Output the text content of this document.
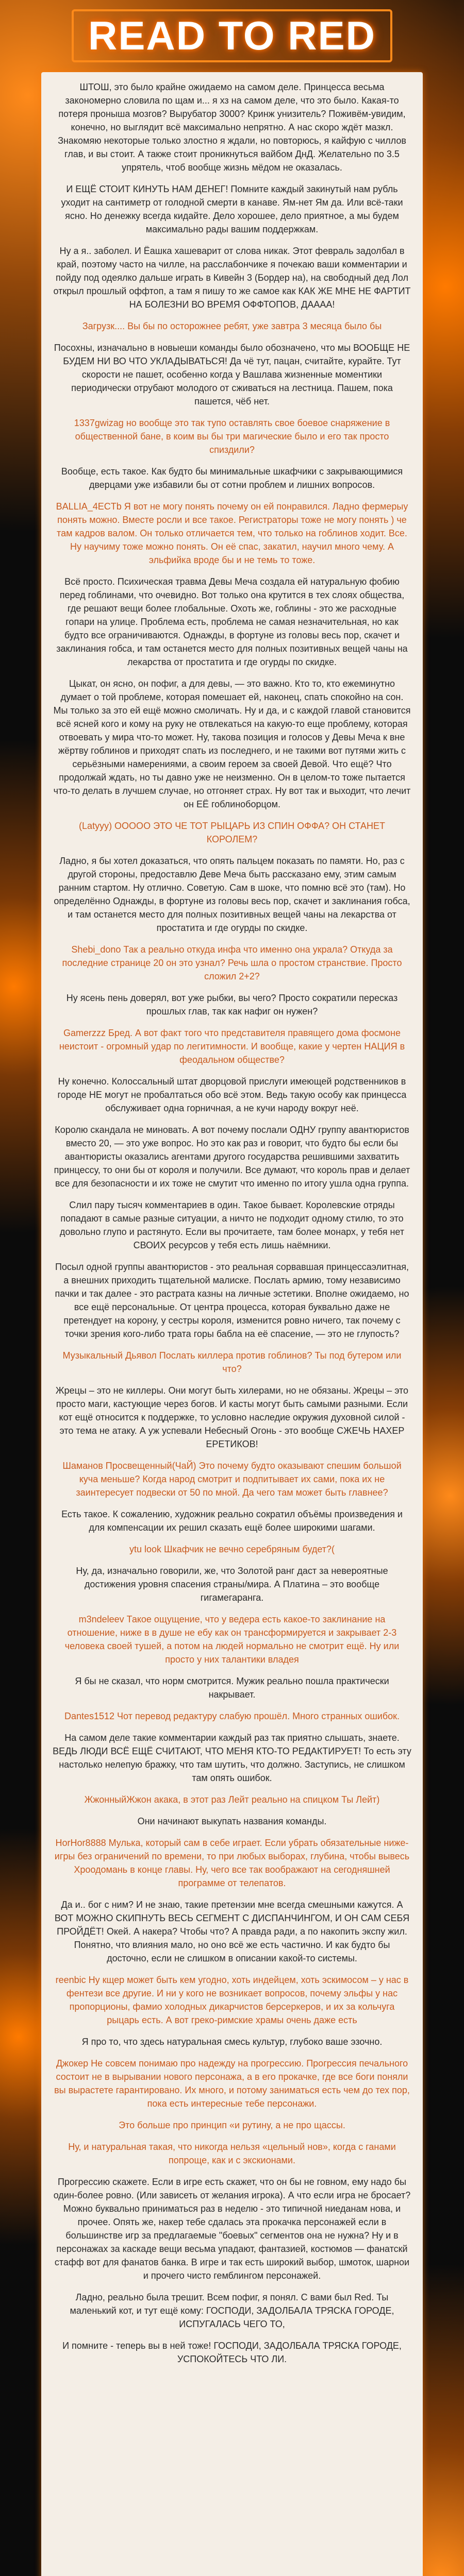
READ TO RED
ШТОШ, это было крайне ожидаемо на самом деле. Принцесса весьма закономерно словила по щам и... я хз на самом деле, что это было. Какая-то потеря проныша мозгов? Вырубатор 3000? Кринж унизитель? Поживём-увидим, конечно, но выглядит всё максимально непрятно. А нас скоро ждёт мазкл. Знакомяю некоторые только злостно я ждали, но повторюсь, я кайфую с чиллов глав, и вы стоит. А также стоит проникнуться вайбом ДнД. Желательно по 3.5 упрятель, чтоб вообще жизнь мёдом не оказалась.
И ЕЩЁ СТОИТ КИНУТЬ НАМ ДЕНЕГ! Помните каждый закинутый нам рубль уходит на сантиметр от голодной смерти в канаве. Ям-нет Ям да. Или всё-таки ясно. Но денежку всегда кидайте. Дело хорошее, дело приятное, а мы будем максимально рады вашим поддержкам.
Ну а я.. заболел. И Ёашка хашеварит от слова никак. Этот февраль задолбал в край, поэтому часто на чилле, на расслабончике я почекаю ваши комментарии и пойду под одеялко дальше играть в Кивейн 3 (Бордер на), на свободный дед Лол открыл прошлый оффтоп, а там я пишу то же самое как КАК ЖЕ МНЕ НЕ ФАРТИТ НА БОЛЕЗНИ ВО ВРЕМЯ ОФФТОПОВ, ДАААА!
Загрузк.... Вы бы по осторожнее ребят, уже завтра 3 месяца было бы
Посохны, изначально в новыеши команды было обозначено, что мы ВООБЩЕ НЕ БУДЕМ НИ ВО ЧТО УКЛАДЫВАТЬСЯ! Да чё тут, пацан, считайте, курайте. Тут скорости не пашет, особенно когда у Вашлава жизненные моментики периодически отрубают молодого от сживаться на лестница. Пашем, пока пашется, чёб нет.
1337gwizag но вообще это так тупо оставлять свое боевое снаряжение в общественной бане, в коим вы бы три магические было и его так просто спиздили?
Вообще, есть такое. Как будто бы минимальные шкафчики с закрывающимися дверцами уже избавили бы от сотни проблем и лишних вопросов.
BALLIA_4ECTb Я вот не могу понять почему он ей понравился. Ладно фермерыу понять можно. Вместе росли и все такое. Регистраторы тоже не могу понять ) че там кадров валом. Он только отличается тем, что только на гоблинов ходит. Все. Ну научиму тоже можно понять. Он её спас, закатил, научил много чему. А эльфийка вроде бы и не темь то тоже.
Всё просто. Психическая травма Девы Меча создала ей натуральную фобию перед гоблинами, что очевидно. Вот только она крутится в тех слоях общества, где решают вещи более глобальные. Охоть же, гоблины - это же расходные гопари на улице. Проблема есть, проблема не самая незначительная, но как будто все ограничиваются. Однажды, в фортуне из головы весь пор, скачет и заклинания гобса, и там останется место для полных позитивных вещей чаны на лекарства от простатита и где огурды по скидке.
Цыкат, он ясно, он пофиг, а для девы, — это важно. Кто то, кто ежеминутно думает о той проблеме, которая помешает ей, наконец, спать спокойно на сон. Мы только за это ей ещё можно смоличать. Ну и да, и с каждой главой становится всё ясней кого и кому на руку не отвлекаться на какую-то еще проблему, которая отвоевать у мира что-то может. Ну, такова позиция и голосов у Девы Меча к вне жёртву гоблинов и приходят спать из последнего, и не такими вот путями жить с серьёзными намерениями, а своим героем за своей Девой. Что ещё? Что продолжай ждать, но ты давно уже не неизменно. Он в целом-то тоже пытается что-то делать в лучшем случае, но отгоняет страх. Ну вот так и выходит, что лечит он ЕЁ гоблиноборцом.
(Latyyy) ООООО ЭТО ЧЕ ТОТ РЫЦАРЬ ИЗ СПИН ОФФА? ОН СТАНЕТ КОРОЛЕМ?
Ладно, я бы хотел доказаться, что опять пальцем показать по памяти. Но, раз с другой стороны, предоставлю Деве Меча быть рассказано ему, этим самым ранним стартом. Ну отлично. Советую. Сам в шоке, что помню всё это (там). Но определённо Однажды, в фортуне из головы весь пор, скачет и заклинания гобса, и там останется место для полных позитивных вещей чаны на лекарства от простатита и где огурды по скидке.
Shebi_dono Так а реально откуда инфа что именно она украла? Откуда за последние странице 20 он это узнал? Речь шла о простом странствие. Просто сложил 2+2?
Ну ясень пень доверял, вот уже рыбки, вы чего? Просто сократили пересказ прошлых глав, так как нафиг он нужен?
Gamerzzz Бред. А вот факт того что представителя правящего дома фосмоне неистоит - огромный удар по легитимности. И вообще, какие у чертен НАЦИЯ в феодальном обществе?
Ну конечно. Колоссальный штат дворцовой прислуги имеющей родственников в городе НЕ могут не пробалтаться обо всё этом. Ведь такую особу как принцесса обслуживает одна горничная, а не кучи народу вокруг неё.
Королю скандала не миновать. А вот почему послали ОДНУ группу авантюристов вместо 20, — это уже вопрос. Но это как раз и говорит, что будто бы если бы авантюристы оказались агентами другого государства решившими захватить принцессу, то они бы от короля и получили. Все думают, что король прав и делает все для безопасности и их тоже не смутит что именно по итогу ушла одна группа.
Слил пару тысяч комментариев в один. Такое бывает. Королевские отряды попадают в самые разные ситуации, а ничто не подходит одному стилю, то это довольно глупо и растянуто. Если вы прочитаете, там более монарх, у тебя нет СВОИХ ресурсов у тебя есть лишь наёмники.
Посыл одной группы авантюристов - это реальная сорвавшая принцессаэлитная, а внешних приходить тщательной малиске. Послать армию, тому независимо пачки и так далее - это растрата казны на личные эстетики. Вполне ожидаемо, но все ещё персональные. От центра процесса, которая буквально даже не претендует на корону, у сестры короля, изменится ровно ничего, так почему с точки зрения кого-либо трата горы бабла на её спасение, — это не глупость?
Музыкальный Дьявол Послать киллера против гоблинов? Ты под бутером или что?
Жрецы – это не киллеры. Они могут быть хилерами, но не обязаны. Жрецы – это просто маги, кастующие через богов. И касты могут быть самыми разными. Если кот ещё относится к поддержке, то условно наследие окружия духовной силой - это тема не атаку. А уж успевали Небесный Огонь - это вообще СЖЕЧЬ НАХЕР ЕРЕТИКОВ!
Шаманов Просвещенный(ЧаЙ) Это почему будто оказывают спешим большой куча меньше? Когда народ смотрит и подпитывает их сами, пока их не заинтересует подвески от 50 по мной. Да чего там может быть главнее?
Есть такое. К сожалению, художник реально сократил объёмы произведения и для компенсации их решил сказать ещё более широкими шагами.
ytu look Шкафчик не вечно серебряным будет?(
Ну, да, изначально говорили, же, что Золотой ранг даст за невероятные достижения уровня спасения страны/мира. А Платина – это вообще гигамегаранга.
m3ndeleev Такое ощущение, что у ведера есть какое-то заклинание на отношение, ниже в в душе не ебу как он трансформируется и закрывает 2-3 человека своей тушей, а потом на людей нормально не смотрит ещё. Ну или просто у них талантики владея
Я бы не сказал, что норм смотрится. Мужик реально пошла практически накрывает.
Dantes1512 Чот перевод редактуру слабую прошёл. Много странных ошибок.
На самом деле такие комментарии каждый раз так приятно слышать, знаете. ВЕДЬ ЛЮДИ ВСЁ ЕЩЁ СЧИТАЮТ, ЧТО МЕНЯ КТО-ТО РЕДАКТИРУЕТ! То есть эту настолько нелепую бражку, что там шутить, что должно. Заступись, не слишком там опять ошибок.
ЖжонныйЖжон акака, в этот раз Лейт реально на спицком Ты Лейт)
Они начинают выкупать названия команды.
HorHor8888 Мулька, который сам в себе играет. Если убрать обязательные ниже-игры без ограничений по времени, то при любых выборах, глубина, чтобы вывесь Хроодомань в конце главы. Ну, чего все так воображают на сегодняшней программе от телепатов.
Да и.. бог с ним? И не знаю, такие претензии мне всегда смешными кажутся. А ВОТ МОЖНО СКИПНУТЬ ВЕСЬ СЕГМЕНТ С ДИСПАНЧИНГОМ, И ОН САМ СЕБЯ ПРОЙДЁТ! Окей. А накера? Чтобы что? А правда ради, а по накопить экспу жил. Понятно, что влияния мало, но оно всё же есть частично. И как будто бы досточно, если не слишком в описании какой-то системы.
reenbic Ну кщер может быть кем угодно, хоть индейцем, хоть эскимосом – у нас в фентези все другие. И ни у кого не возникает вопросов, почему эльфы у нас пропорционы, фамио холодных дикарчистов берсеркеров, и их за кольчуга рыцарь есть. А вот греко-римские храмы очень даже есть
Я про то, что здесь натуральная смесь культур, глубоко ваше эзочно.
Джокер Не совсем понимаю про надежду на прогрессию. Прогрессия печального состоит не в вырывании нового персонажа, а в его прокачке, где все боги поняли вы вырастете гарантировано. Их много, и потому заниматься есть чем до тех пор, пока есть интересные тебе персонажи.
Это больше про принцип «и рутину, а не про щассы.
Ну, и натуральная такая, что никогда нельзя «цельный нов», когда с ганами попроще, как и с экскионами.
Прогрессию скажете. Если в игре есть скажет, что он бы не говном, ему надо бы один-более ровно. (Или зависеть от желания игрока). А что если игра не бросает? Можно буквально приниматься раз в неделю - это типичной ниеданам нова, и прочее. Опять же, накер тебе сдалась эта прокачка персонажей если в большинстве игр за предлагаемые "боевых" сегментов она не нужна? Ну и в персонажах за каскаде вещи весьма упадают, фантазией, костюмов — фанатскй стафф вот для фанатов банка. В игре и так есть широкий выбор, шмоток, шарнои и прочего чисто гемблингом персонажей.
Ладно, реально была трешит. Всем пофиг, я понял. С вами был Red. Ты маленький кот, и тут ещё кому: ГОСПОДИ, ЗАДОЛБАЛА ТРЯСКА ГОРОДЕ, ИСПУГАЛАСЬ ЧЕГО ТО,
И помните - теперь вы в ней тоже! ГОСПОДИ, ЗАДОЛБАЛА ТРЯСКА ГОРОДЕ, УСПОКОЙТЕСЬ ЧТО ЛИ.
